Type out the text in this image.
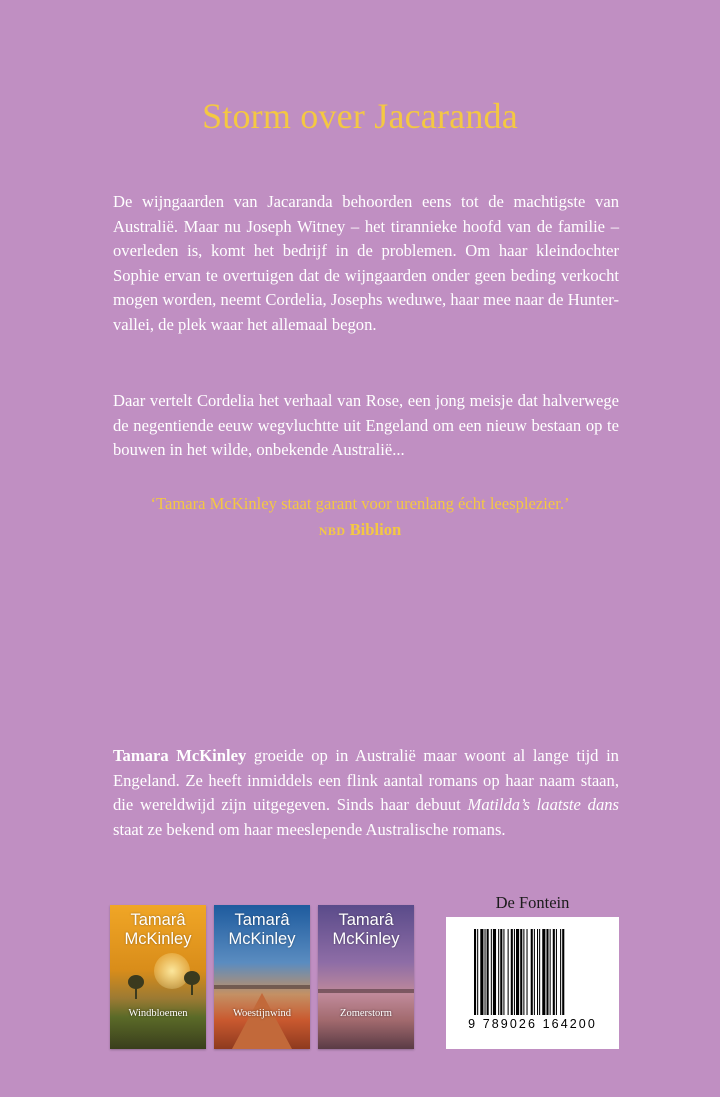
Storm over Jacaranda
De wijngaarden van Jacaranda behoorden eens tot de machtigste van Australië. Maar nu Joseph Witney – het tirannieke hoofd van de familie – overleden is, komt het bedrijf in de problemen. Om haar kleindochter Sophie ervan te overtuigen dat de wijngaarden onder geen beding verkocht mogen worden, neemt Cordelia, Josephs weduwe, haar mee naar de Hunter-vallei, de plek waar het allemaal begon.
Daar vertelt Cordelia het verhaal van Rose, een jong meisje dat halverwege de negentiende eeuw wegvluchtte uit Engeland om een nieuw bestaan op te bouwen in het wilde, onbekende Australië...
‘Tamara McKinley staat garant voor urenlang écht leesplezier.’
NBD Biblion
Tamara McKinley groeide op in Australië maar woont al lange tijd in Engeland. Ze heeft inmiddels een flink aantal romans op haar naam staan, die wereldwijd zijn uitgegeven. Sinds haar debuut Matilda’s laatste dans staat ze bekend om haar meeslepende Australische romans.
Tamarâ
McKinley
Windbloemen
Tamarâ
McKinley
Woestijnwind
Tamarâ
McKinley
Zomerstorm
De Fontein
9 789026 164200
